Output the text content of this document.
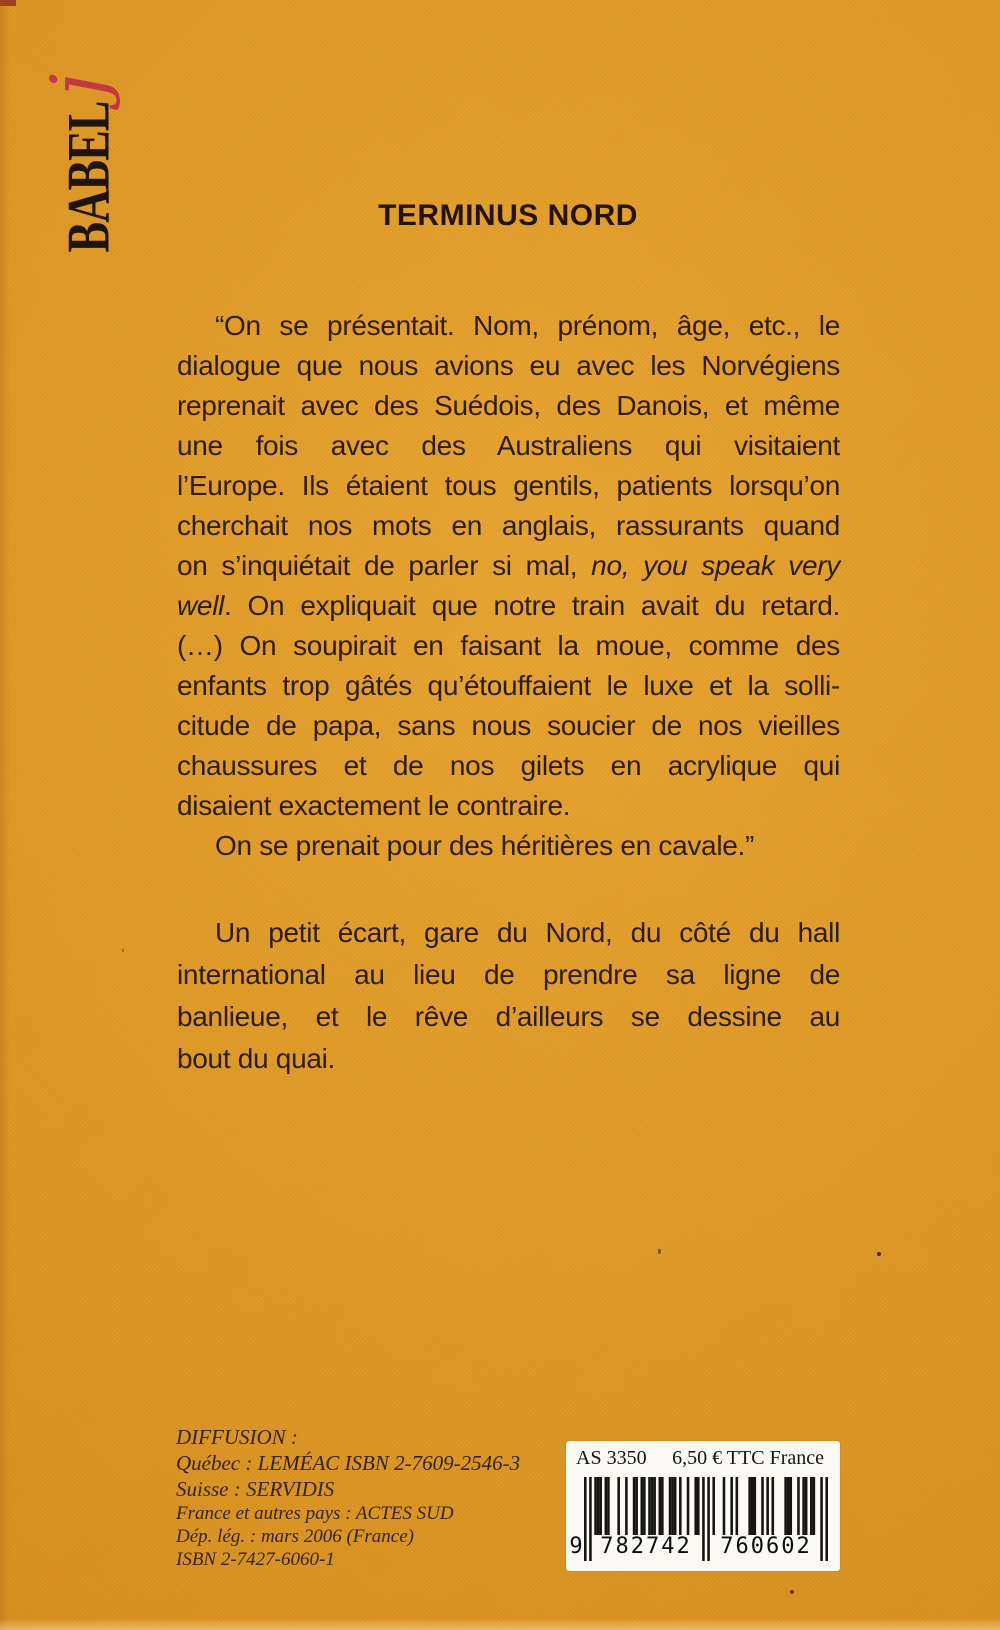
BABEL
j
TERMINUS NORD
“On se présentait. Nom, prénom, âge, etc., le
dialogue que nous avions eu avec les Norvégiens
reprenait avec des Suédois, des Danois, et même
une fois avec des Australiens qui visitaient
l’Europe. Ils étaient tous gentils, patients lorsqu’on
cherchait nos mots en anglais, rassurants quand
on s’inquiétait de parler si mal, no, you speak very
well. On expliquait que notre train avait du retard.
(…) On soupirait en faisant la moue, comme des
enfants trop gâtés qu’étouffaient le luxe et la solli-
citude de papa, sans nous soucier de nos vieilles
chaussures et de nos gilets en acrylique qui
disaient exactement le contraire.
On se prenait pour des héritières en cavale.”
Un petit écart, gare du Nord, du côté du hall
international au lieu de prendre sa ligne de
banlieue, et le rêve d’ailleurs se dessine au
bout du quai.
DIFFUSION :
Québec : LEMÉAC ISBN 2-7609-2546-3
Suisse : SERVIDIS
France et autres pays : ACTES SUD
Dép. lég. : mars 2006 (France)
ISBN 2-7427-6060-1
AS 3350 6,50 € TTC France
9 782742 760602
